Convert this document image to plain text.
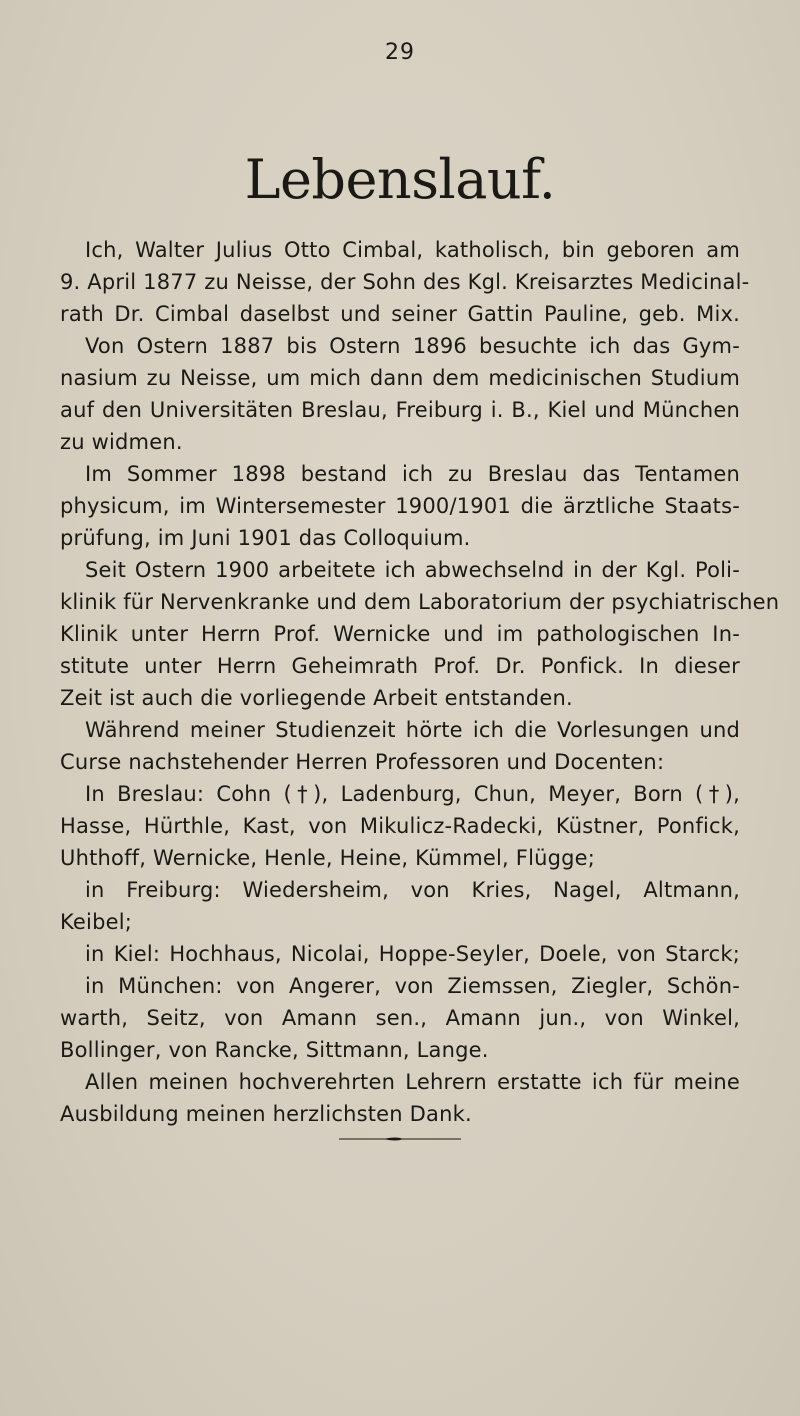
29
Lebenslauf.
Ich, Walter Julius Otto Cimbal, katholisch, bin geboren am
9. April 1877 zu Neisse, der Sohn des Kgl. Kreisarztes Medicinal-
rath Dr. Cimbal daselbst und seiner Gattin Pauline, geb. Mix.
Von Ostern 1887 bis Ostern 1896 besuchte ich das Gym-
nasium zu Neisse, um mich dann dem medicinischen Studium
auf den Universitäten Breslau, Freiburg i. B., Kiel und München
zu widmen.
Im Sommer 1898 bestand ich zu Breslau das Tentamen
physicum, im Wintersemester 1900/1901 die ärztliche Staats-
prüfung, im Juni 1901 das Colloquium.
Seit Ostern 1900 arbeitete ich abwechselnd in der Kgl. Poli-
klinik für Nervenkranke und dem Laboratorium der psychiatrischen
Klinik unter Herrn Prof. Wernicke und im pathologischen In-
stitute unter Herrn Geheimrath Prof. Dr. Ponfick. In dieser
Zeit ist auch die vorliegende Arbeit entstanden.
Während meiner Studienzeit hörte ich die Vorlesungen und
Curse nachstehender Herren Professoren und Docenten:
In Breslau: Cohn (†), Ladenburg, Chun, Meyer, Born (†),
Hasse, Hürthle, Kast, von Mikulicz-Radecki, Küstner, Ponfick,
Uhthoff, Wernicke, Henle, Heine, Kümmel, Flügge;
in Freiburg: Wiedersheim, von Kries, Nagel, Altmann,
Keibel;
in Kiel: Hochhaus, Nicolai, Hoppe-Seyler, Doele, von Starck;
in München: von Angerer, von Ziemssen, Ziegler, Schön-
warth, Seitz, von Amann sen., Amann jun., von Winkel,
Bollinger, von Rancke, Sittmann, Lange.
Allen meinen hochverehrten Lehrern erstatte ich für meine
Ausbildung meinen herzlichsten Dank.
